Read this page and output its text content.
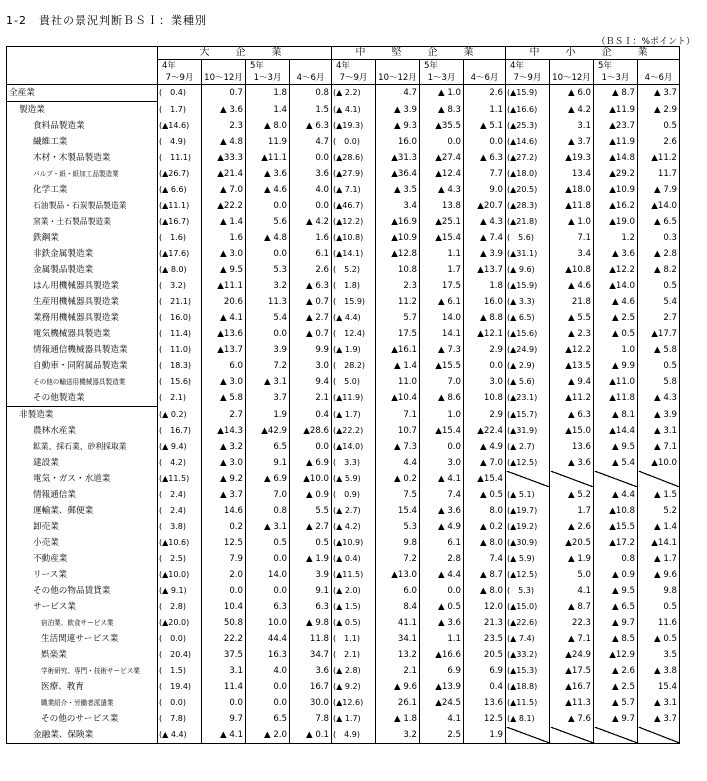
1-2　貴社の景況判断ＢＳＩ：業種別
（ＢＳＩ：%ポイント）
	大　企　業				中　堅　企　業				中　小　企　業			
	4年		5年		4年		5年		4年		5年	
	7～9月	10～12月	1～3月	4～6月	7～9月	10～12月	1～3月	4～6月	7～9月	10～12月	1～3月	4～6月
全産業	(　0.4)	0.7	1.8	0.8	(▲ 2.2)	4.7	▲ 1.0	2.6	(▲15.9)	▲ 6.0	▲ 8.7	▲ 3.7
製造業	(　1.7)	▲ 3.6	1.4	1.5	(▲ 4.1)	▲ 3.9	▲ 8.3	1.1	(▲16.6)	▲ 4.2	▲11.9	▲ 2.9
食料品製造業	(▲14.6)	2.3	▲ 8.0	▲ 6.3	(▲19.3)	▲ 9.3	▲35.5	▲ 5.1	(▲25.3)	3.1	▲23.7	0.5
繊維工業	(　4.9)	▲ 4.8	11.9	4.7	(　0.0)	16.0	0.0	0.0	(▲14.6)	▲ 3.7	▲11.9	2.6
木材・木製品製造業	(　11.1)	▲33.3	▲11.1	0.0	(▲28.6)	▲31.3	▲27.4	▲ 6.3	(▲27.2)	▲19.3	▲14.8	▲11.2
パルプ・紙・紙加工品製造業	(▲26.7)	▲21.4	▲ 3.6	3.6	(▲27.9)	▲36.4	▲12.4	7.7	(▲18.0)	13.4	▲29.2	11.7
化学工業	(▲ 6.6)	▲ 7.0	▲ 4.6	4.0	(▲ 7.1)	▲ 3.5	▲ 4.3	9.0	(▲20.5)	▲18.0	▲10.9	▲ 7.9
石油製品・石炭製品製造業	(▲11.1)	▲22.2	0.0	0.0	(▲46.7)	3.4	13.8	▲20.7	(▲28.3)	▲11.8	▲16.2	▲14.0
窯業・土石製品製造業	(▲16.7)	▲ 1.4	5.6	▲ 4.2	(▲12.2)	▲16.9	▲25.1	▲ 4.3	(▲21.8)	▲ 1.0	▲19.0	▲ 6.5
鉄鋼業	(　1.6)	1.6	▲ 4.8	1.6	(▲10.8)	▲10.9	▲15.4	▲ 7.4	(　5.6)	7.1	1.2	0.3
非鉄金属製造業	(▲17.6)	▲ 3.0	0.0	6.1	(▲14.1)	▲12.8	1.1	▲ 3.9	(▲31.1)	3.4	▲ 3.6	▲ 2.8
金属製品製造業	(▲ 8.0)	▲ 9.5	5.3	2.6	(　5.2)	10.8	1.7	▲13.7	(▲ 9.6)	▲10.8	▲12.2	▲ 8.2
はん用機械器具製造業	(　3.2)	▲11.1	3.2	▲ 6.3	(　1.8)	2.3	17.5	1.8	(▲15.9)	▲ 4.6	▲14.0	0.5
生産用機械器具製造業	(　21.1)	20.6	11.3	▲ 0.7	(　15.9)	11.2	▲ 6.1	16.0	(▲ 3.3)	21.8	▲ 4.6	5.4
業務用機械器具製造業	(　16.0)	▲ 4.1	5.4	▲ 2.7	(▲ 4.4)	5.7	14.0	▲ 8.8	(▲ 6.5)	▲ 5.5	▲ 2.5	2.7
電気機械器具製造業	(　11.4)	▲13.6	0.0	▲ 0.7	(　12.4)	17.5	14.1	▲12.1	(▲15.6)	▲ 2.3	▲ 0.5	▲17.7
情報通信機械器具製造業	(　11.0)	▲13.7	3.9	9.9	(▲ 1.9)	▲16.1	▲ 7.3	2.9	(▲24.9)	▲12.2	1.0	▲ 5.8
自動車・同附属品製造業	(　18.3)	6.0	7.2	3.0	(　28.2)	▲ 1.4	▲15.5	0.0	(▲ 2.9)	▲13.5	▲ 9.9	0.5
その他の輸送用機械器具製造業	(　15.6)	▲ 3.0	▲ 3.1	9.4	(　5.0)	11.0	7.0	3.0	(▲ 5.6)	▲ 9.4	▲11.0	5.8
その他製造業	(　2.1)	▲ 5.8	3.7	2.1	(▲11.9)	▲10.4	▲ 8.6	10.8	(▲23.1)	▲11.2	▲11.8	▲ 4.3
非製造業	(▲ 0.2)	2.7	1.9	0.4	(▲ 1.7)	7.1	1.0	2.9	(▲15.7)	▲ 6.3	▲ 8.1	▲ 3.9
農林水産業	(　16.7)	▲14.3	▲42.9	▲28.6	(▲22.2)	10.7	▲15.4	▲22.4	(▲31.9)	▲15.0	▲14.4	▲ 3.1
鉱業、採石業、砂利採取業	(▲ 9.4)	▲ 3.2	6.5	0.0	(▲14.0)	▲ 7.3	0.0	▲ 4.9	(▲ 2.7)	13.6	▲ 9.5	▲ 7.1
建設業	(　4.2)	▲ 3.0	9.1	▲ 6.9	(　3.3)	4.4	3.0	▲ 7.0	(▲12.5)	▲ 3.6	▲ 5.4	▲10.0
電気・ガス・水道業	(▲11.5)	▲ 9.2	▲ 6.9	▲10.0	(▲ 5.9)	▲ 0.2	▲ 4.1	▲15.4				
情報通信業	(　2.4)	▲ 3.7	7.0	▲ 0.9	(　0.9)	7.5	7.4	▲ 0.5	(▲ 5.1)	▲ 5.2	▲ 4.4	▲ 1.5
運輸業、郵便業	(　2.4)	14.6	0.8	5.5	(▲ 2.7)	15.4	▲ 3.6	8.0	(▲19.7)	1.7	▲10.8	5.2
卸売業	(　3.8)	0.2	▲ 3.1	▲ 2.7	(▲ 4.2)	5.3	▲ 4.9	▲ 0.2	(▲19.2)	▲ 2.6	▲15.5	▲ 1.4
小売業	(▲10.6)	12.5	0.5	0.5	(▲10.9)	9.8	6.1	▲ 8.0	(▲30.9)	▲20.5	▲17.2	▲14.1
不動産業	(　2.5)	7.9	0.0	▲ 1.9	(▲ 0.4)	7.2	2.8	7.4	(▲ 5.9)	▲ 1.9	0.8	▲ 1.7
リース業	(▲10.0)	2.0	14.0	3.9	(▲11.5)	▲13.0	▲ 4.4	▲ 8.7	(▲12.5)	5.0	▲ 0.9	▲ 9.6
その他の物品賃貸業	(▲ 9.1)	0.0	0.0	9.1	(▲ 2.0)	6.0	0.0	▲ 8.0	(　5.3)	4.1	▲ 9.5	9.8
サービス業	(　2.8)	10.4	6.3	6.3	(▲ 1.5)	8.4	▲ 0.5	12.0	(▲15.0)	▲ 8.7	▲ 6.5	0.5
宿泊業、飲食サービス業	(▲20.0)	50.8	10.0	▲ 9.8	(▲ 0.5)	41.1	▲ 3.6	21.3	(▲22.6)	22.3	▲ 9.7	11.6
生活関連サービス業	(　0.0)	22.2	44.4	11.8	(　1.1)	34.1	1.1	23.5	(▲ 7.4)	▲ 7.1	▲ 8.5	▲ 0.5
娯楽業	(　20.4)	37.5	16.3	34.7	(　2.1)	13.2	▲16.6	20.5	(▲33.2)	▲24.9	▲12.9	3.5
学術研究、専門・技術サービス業	(　1.5)	3.1	4.0	3.6	(▲ 2.8)	2.1	6.9	6.9	(▲15.3)	▲17.5	▲ 2.6	▲ 3.8
医療、教育	(　19.4)	11.4	0.0	16.7	(▲ 9.2)	▲ 9.6	▲13.9	0.4	(▲18.8)	▲16.7	▲ 2.5	15.4
職業紹介・労働者派遣業	(　0.0)	0.0	0.0	30.0	(▲12.6)	26.1	▲24.5	13.6	(▲11.5)	▲11.3	▲ 5.7	▲ 3.1
その他のサービス業	(　7.8)	9.7	6.5	7.8	(▲ 1.7)	▲ 1.8	4.1	12.5	(▲ 8.1)	▲ 7.6	▲ 9.7	▲ 3.7
金融業、保険業	(▲ 4.4)	▲ 4.1	▲ 2.0	▲ 0.1	(　4.9)	3.2	2.5	1.9				
